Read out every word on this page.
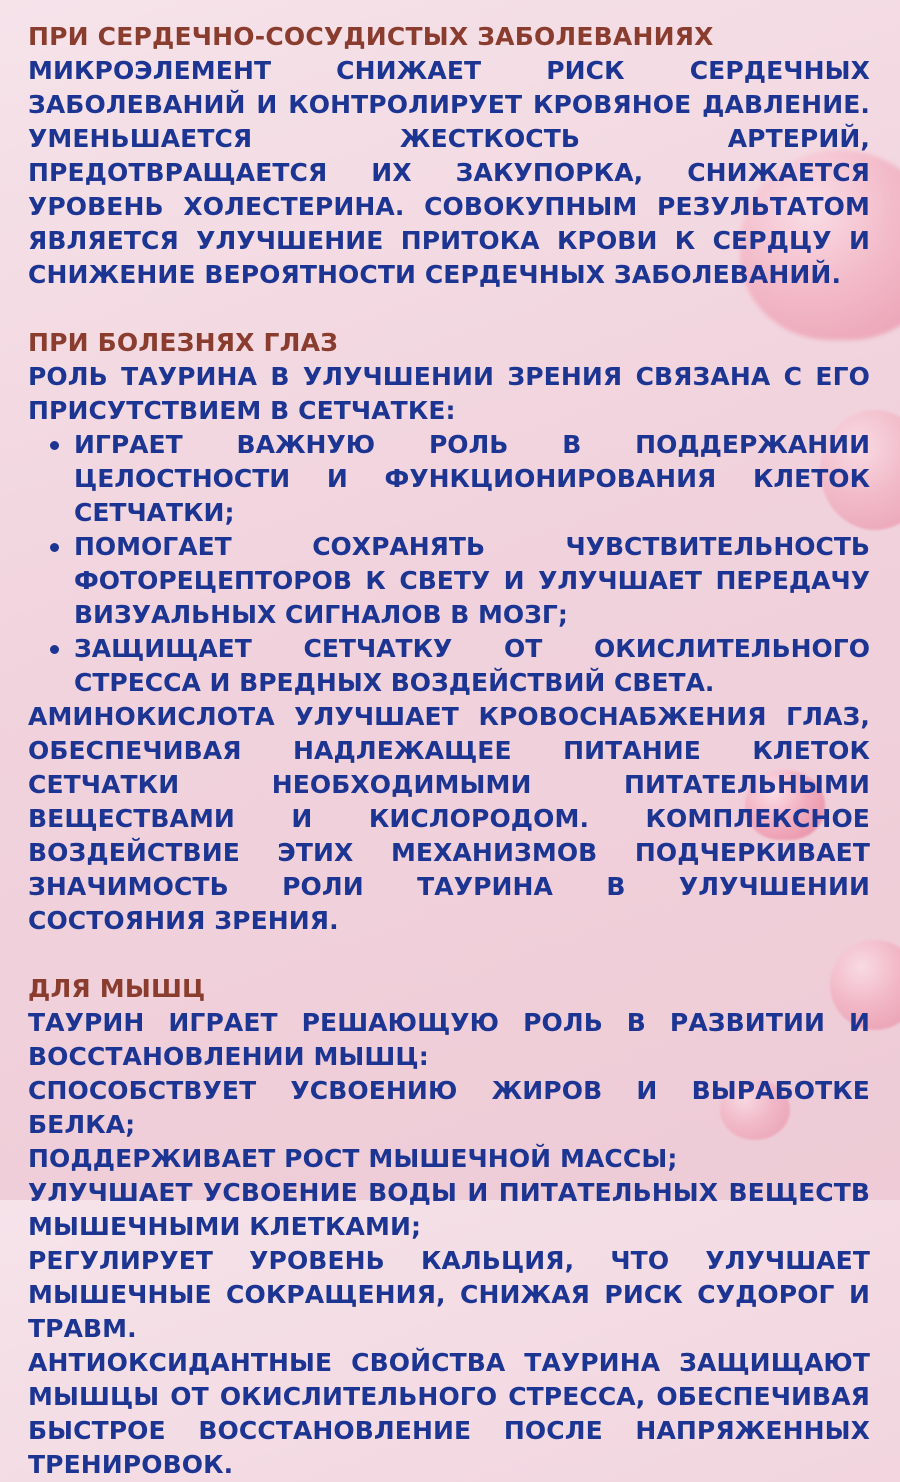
ПРИ СЕРДЕЧНО-СОСУДИСТЫХ ЗАБОЛЕВАНИЯХ
МИКРОЭЛЕМЕНТ СНИЖАЕТ РИСК СЕРДЕЧНЫХ ЗАБОЛЕВАНИЙ И КОНТРОЛИРУЕТ КРОВЯНОЕ ДАВЛЕНИЕ. УМЕНЬШАЕТСЯ ЖЕСТКОСТЬ АРТЕРИЙ, ПРЕДОТВРАЩАЕТСЯ ИХ ЗАКУПОРКА, СНИЖАЕТСЯ УРОВЕНЬ ХОЛЕСТЕРИНА. СОВОКУПНЫМ РЕЗУЛЬТАТОМ ЯВЛЯЕТСЯ УЛУЧШЕНИЕ ПРИТОКА КРОВИ К СЕРДЦУ И СНИЖЕНИЕ ВЕРОЯТНОСТИ СЕРДЕЧНЫХ ЗАБОЛЕВАНИЙ.
ПРИ БОЛЕЗНЯХ ГЛАЗ
РОЛЬ ТАУРИНА В УЛУЧШЕНИИ ЗРЕНИЯ СВЯЗАНА С ЕГО ПРИСУТСТВИЕМ В СЕТЧАТКЕ:
ИГРАЕТ ВАЖНУЮ РОЛЬ В ПОДДЕРЖАНИИ ЦЕЛОСТНОСТИ И ФУНКЦИОНИРОВАНИЯ КЛЕТОК СЕТЧАТКИ;
ПОМОГАЕТ СОХРАНЯТЬ ЧУВСТВИТЕЛЬНОСТЬ ФОТОРЕЦЕПТОРОВ К СВЕТУ И УЛУЧШАЕТ ПЕРЕДАЧУ ВИЗУАЛЬНЫХ СИГНАЛОВ В МОЗГ;
ЗАЩИЩАЕТ СЕТЧАТКУ ОТ ОКИСЛИТЕЛЬНОГО СТРЕССА И ВРЕДНЫХ ВОЗДЕЙСТВИЙ СВЕТА.
АМИНОКИСЛОТА УЛУЧШАЕТ КРОВОСНАБЖЕНИЯ ГЛАЗ, ОБЕСПЕЧИВАЯ НАДЛЕЖАЩЕЕ ПИТАНИЕ КЛЕТОК СЕТЧАТКИ НЕОБХОДИМЫМИ ПИТАТЕЛЬНЫМИ ВЕЩЕСТВАМИ И КИСЛОРОДОМ. КОМПЛЕКСНОЕ ВОЗДЕЙСТВИЕ ЭТИХ МЕХАНИЗМОВ ПОДЧЕРКИВАЕТ ЗНАЧИМОСТЬ РОЛИ ТАУРИНА В УЛУЧШЕНИИ СОСТОЯНИЯ ЗРЕНИЯ.
ДЛЯ МЫШЦ
ТАУРИН ИГРАЕТ РЕШАЮЩУЮ РОЛЬ В РАЗВИТИИ И ВОССТАНОВЛЕНИИ МЫШЦ:
СПОСОБСТВУЕТ УСВОЕНИЮ ЖИРОВ И ВЫРАБОТКЕ БЕЛКА;
ПОДДЕРЖИВАЕТ РОСТ МЫШЕЧНОЙ МАССЫ;
УЛУЧШАЕТ УСВОЕНИЕ ВОДЫ И ПИТАТЕЛЬНЫХ ВЕЩЕСТВ МЫШЕЧНЫМИ КЛЕТКАМИ;
РЕГУЛИРУЕТ УРОВЕНЬ КАЛЬЦИЯ, ЧТО УЛУЧШАЕТ МЫШЕЧНЫЕ СОКРАЩЕНИЯ, СНИЖАЯ РИСК СУДОРОГ И ТРАВМ.
АНТИОКСИДАНТНЫЕ СВОЙСТВА ТАУРИНА ЗАЩИЩАЮТ МЫШЦЫ ОТ ОКИСЛИТЕЛЬНОГО СТРЕССА, ОБЕСПЕЧИВАЯ БЫСТРОЕ ВОССТАНОВЛЕНИЕ ПОСЛЕ НАПРЯЖЕННЫХ ТРЕНИРОВОК.
